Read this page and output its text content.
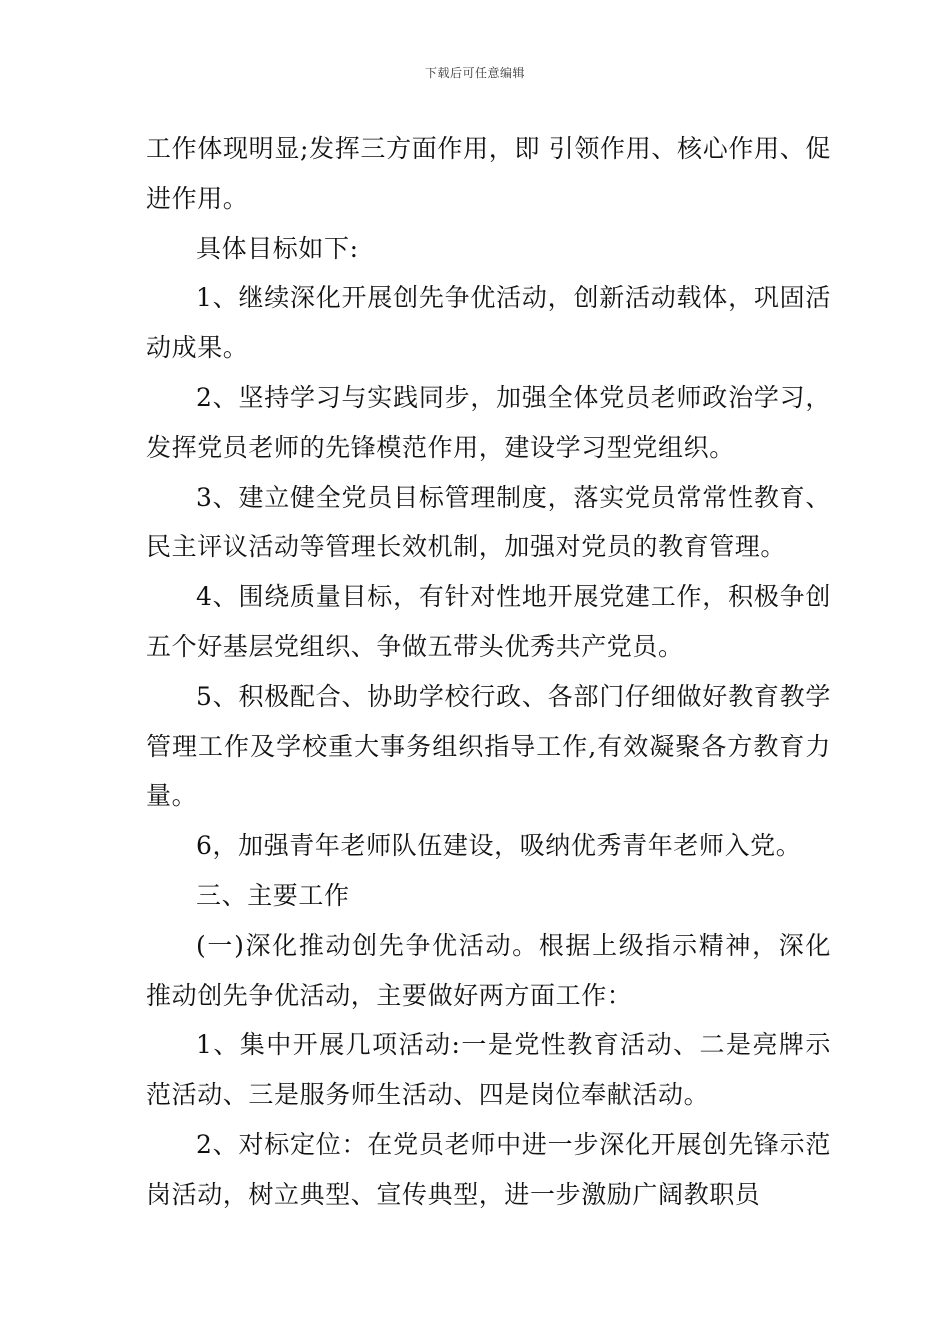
下载后可任意编辑

工作体现明显;发挥三方面作用，即 引领作用、核心作用、促进作用。

具体目标如下:

1、继续深化开展创先争优活动，创新活动载体，巩固活动成果。

2、坚持学习与实践同步，加强全体党员老师政治学习，发挥党员老师的先锋模范作用，建设学习型党组织。

3、建立健全党员目标管理制度，落实党员常常性教育、民主评议活动等管理长效机制，加强对党员的教育管理。

4、围绕质量目标，有针对性地开展党建工作，积极争创五个好基层党组织、争做五带头优秀共产党员。

5、积极配合、协助学校行政、各部门仔细做好教育教学管理工作及学校重大事务组织指导工作,有效凝聚各方教育力量。

6，加强青年老师队伍建设，吸纳优秀青年老师入党。

三、主要工作

(一)深化推动创先争优活动。根据上级指示精神，深化推动创先争优活动，主要做好两方面工作：

1、集中开展几项活动:一是党性教育活动、二是亮牌示范活动、三是服务师生活动、四是岗位奉献活动。

2、对标定位：在党员老师中进一步深化开展创先锋示范岗活动，树立典型、宣传典型，进一步激励广阔教职员
